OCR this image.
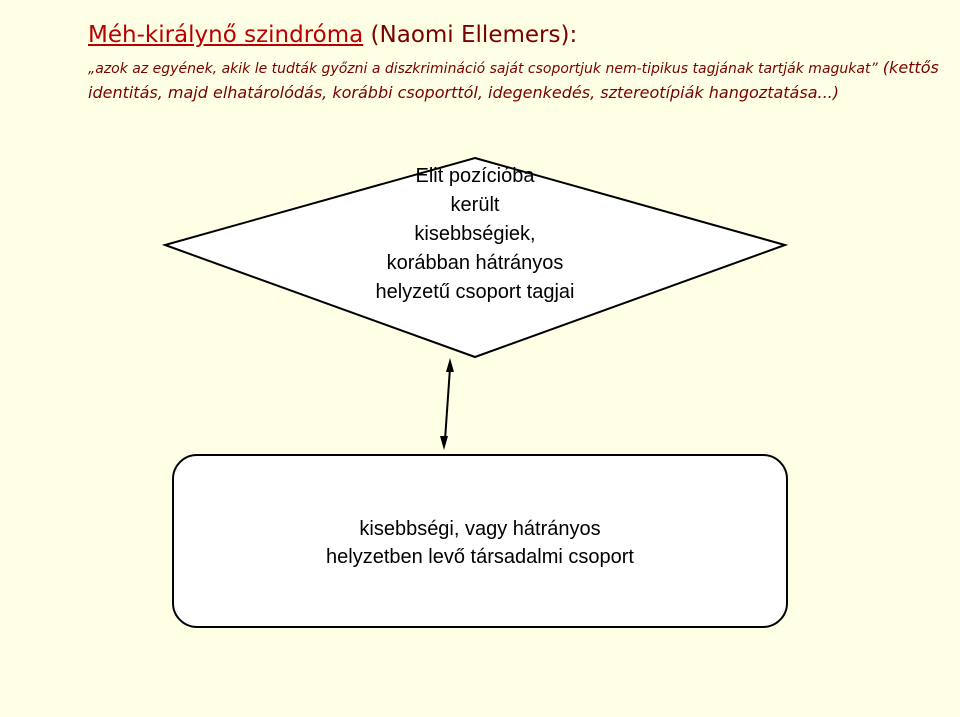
Méh-királynő szindróma (Naomi Ellemers):
„azok az egyének, akik le tudták győzni a diszkrimináció saját csoportjuk nem-tipikus tagjának tartják magukat” (kettős identitás, majd elhatárolódás, korábbi csoporttól, idegenkedés, sztereotípiák hangoztatása...)
Elit pozícióba
került
kisebbségiek,
korábban hátrányos
helyzetű csoport tagjai
kisebbségi, vagy hátrányos
helyzetben levő társadalmi csoport
